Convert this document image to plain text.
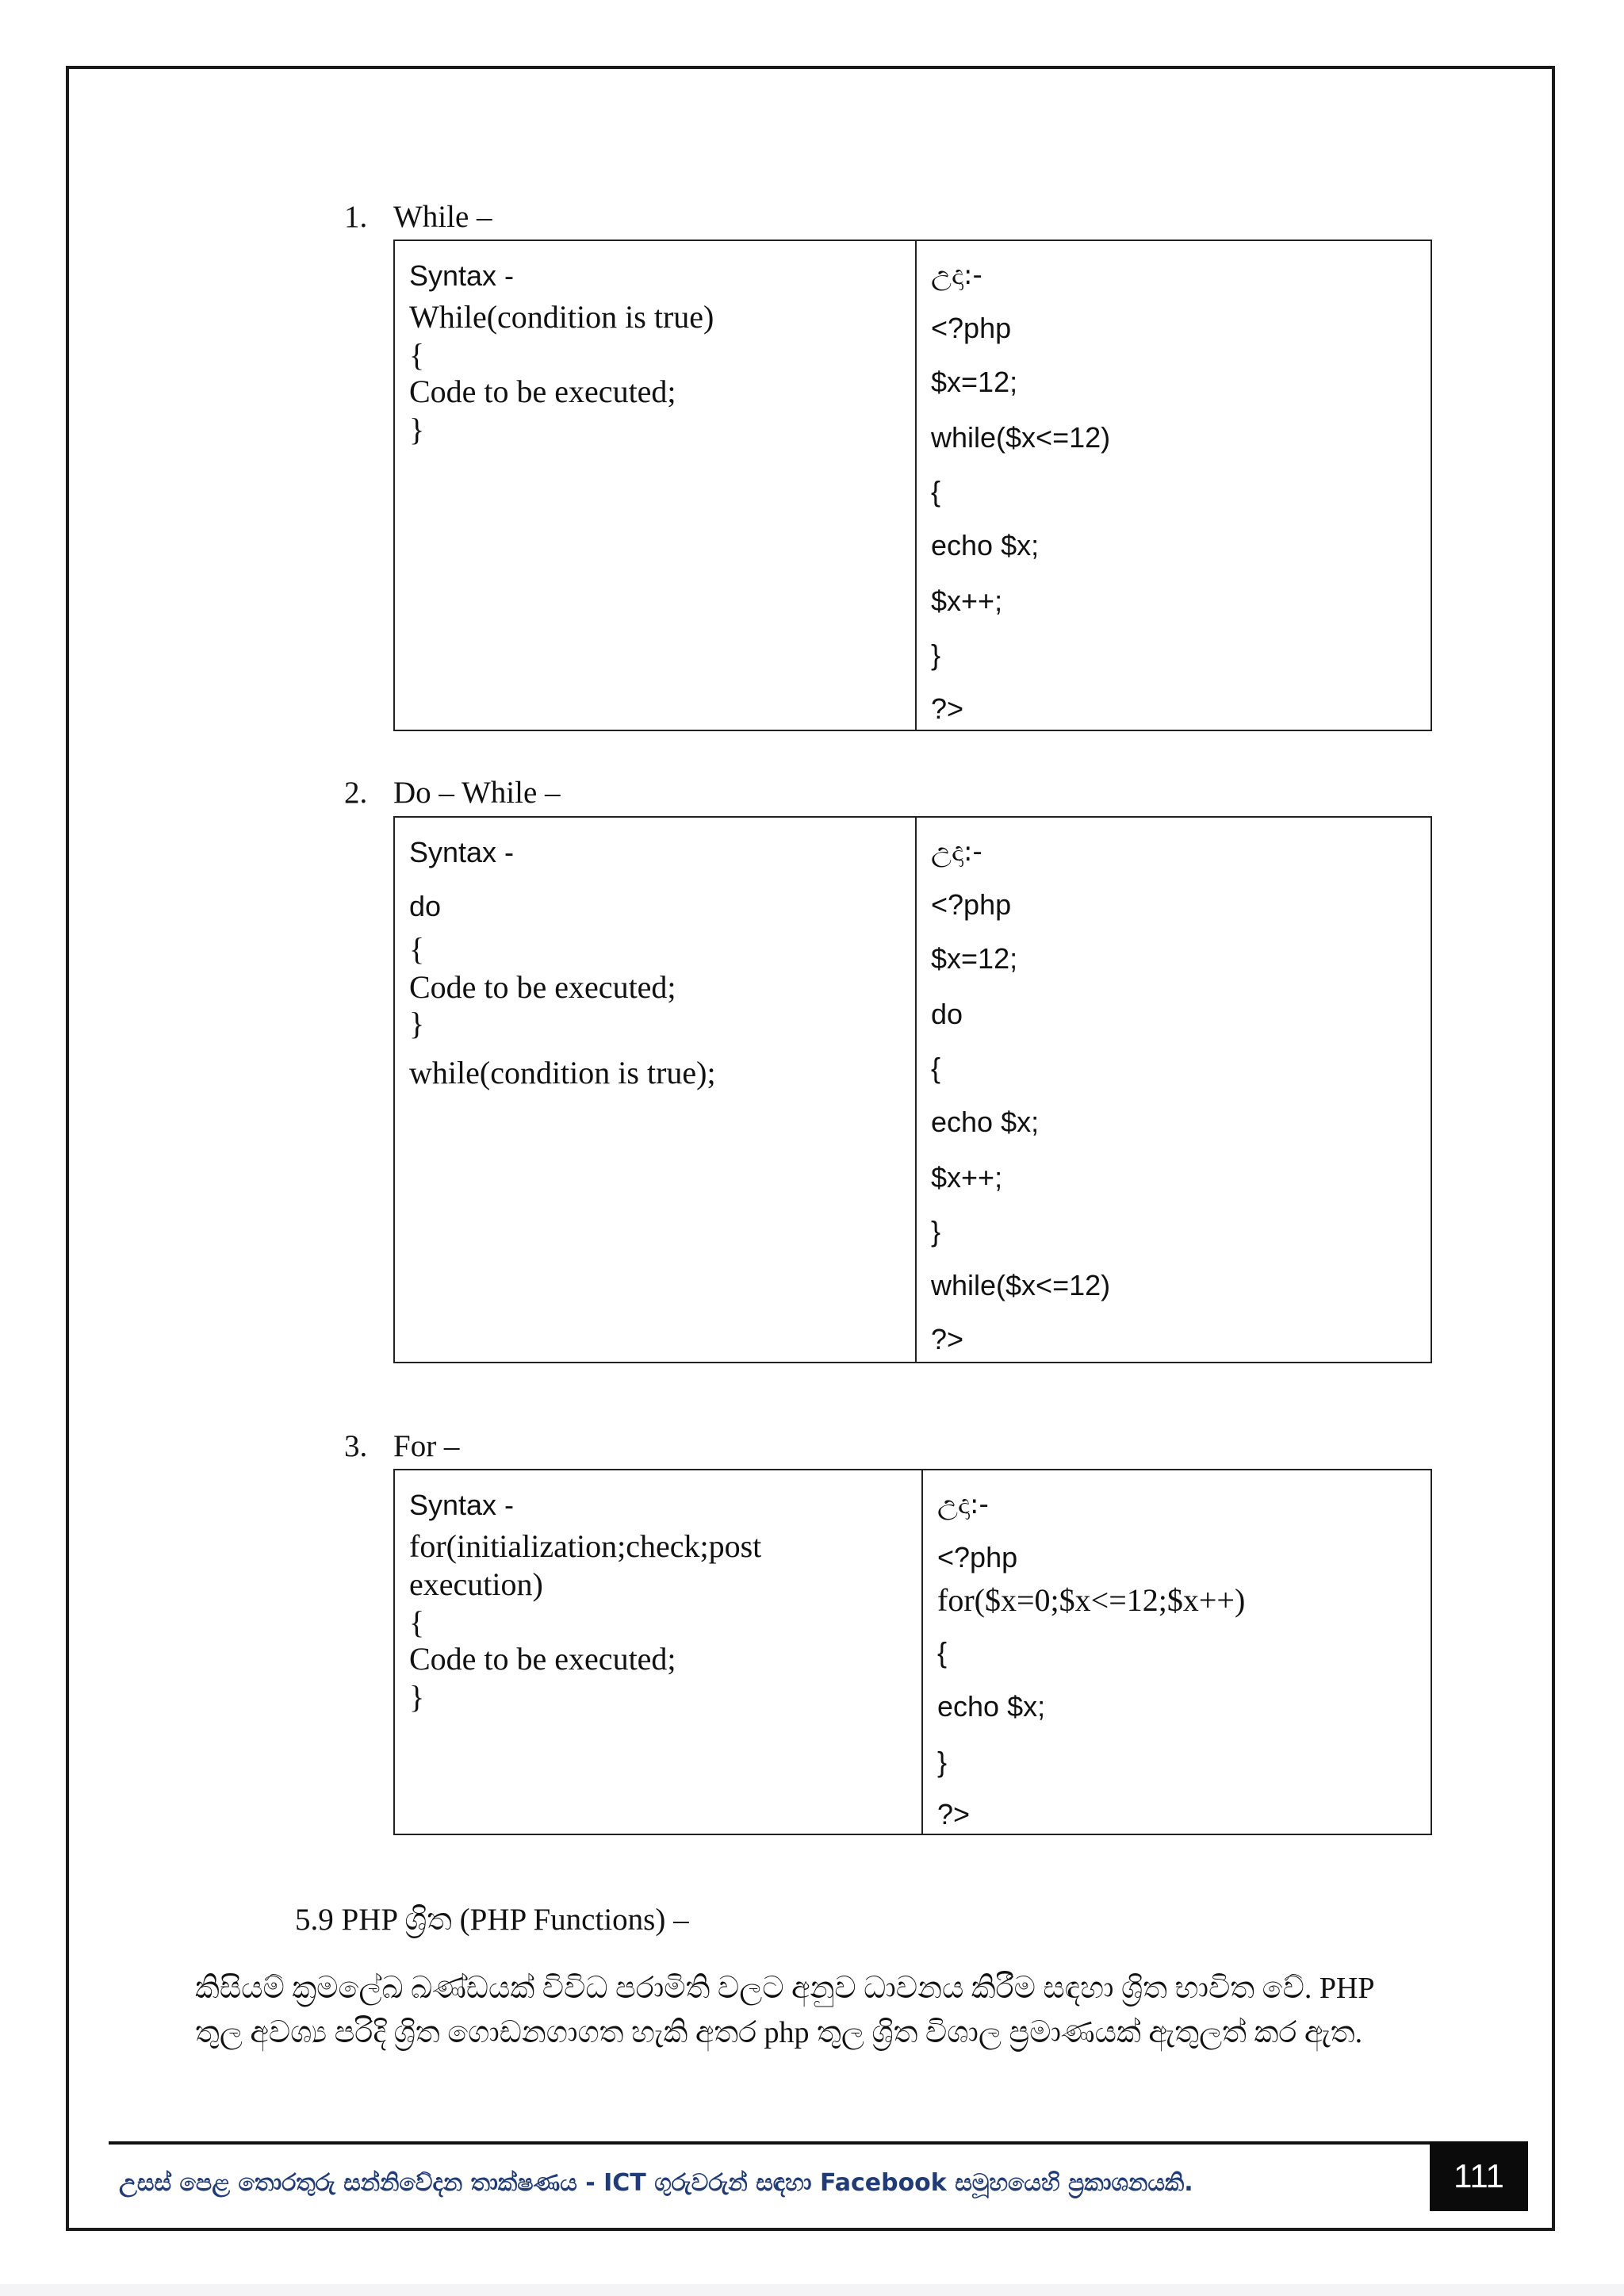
1. While –
Syntax -
While(condition is true)
{
Code to be executed;
}

උදා:-
<?php
$x=12;
while($x<=12)
{
echo $x;
$x++;
}
?>
2. Do – While –
Syntax -
do
{
Code to be executed;
}
while(condition is true);

උදා:-
<?php
$x=12;
do
{
echo $x;
$x++;
}
while($x<=12)
?>
3. For –
Syntax -
for(initialization;check;post
execution)
{
Code to be executed;
}

උදා:-
<?php
for($x=0;$x<=12;$x++)
{
echo $x;
}
?>
5.9 PHP ශ්‍රිත (PHP Functions) –
කිසියම් ක්‍රමලේඛ ඛණ්ඩයක් විවිධ පරාමිති වලට අනුව ධාවනය කිරීම සඳහා ශ්‍රිත භාවිත වේ. PHP
තුල අවශ්‍ය පරිදි ශ්‍රිත ගොඩනගාගත හැකි අතර php තුල ශ්‍රිත විශාල ප්‍රමාණයක් ඇතුලත් කර ඇත.
උසස් පෙළ තොරතුරු සන්නිවේදන තාක්ෂණය - ICT ගුරුවරුන් සඳහා Facebook සමූහයෙහි ප්‍රකාශනයකි.	111
